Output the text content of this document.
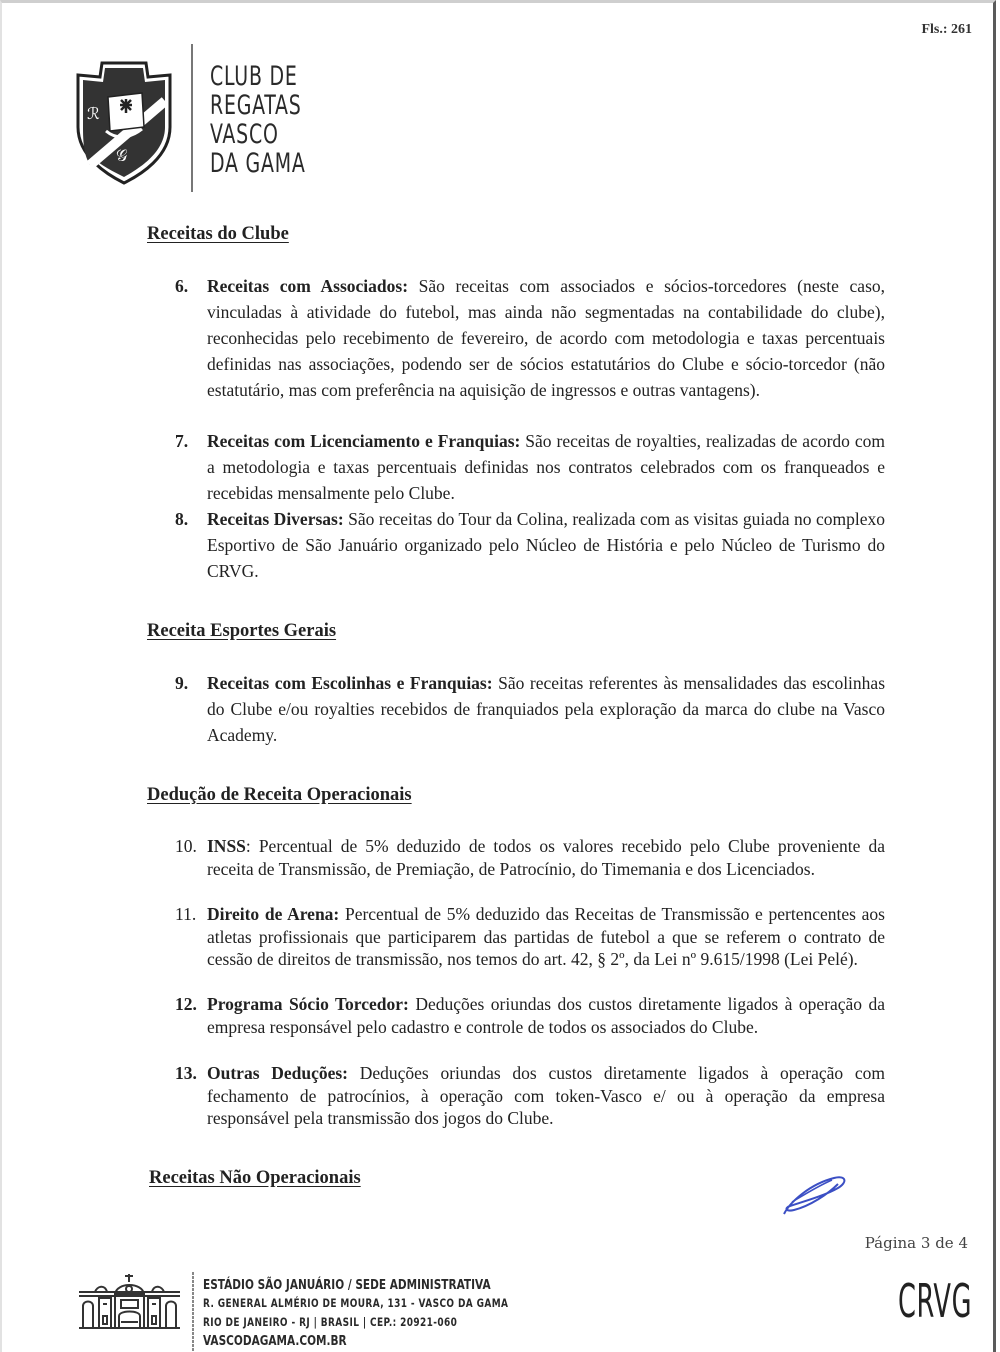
Fls.: 261
ℛ
𝒢
CLUB DE
REGATAS
VASCO
DA GAMA
Receitas do Clube
6. Receitas com Associados: São receitas com associados e sócios-torcedores (neste caso, vinculadas à atividade do futebol, mas ainda não segmentadas na contabilidade do clube), reconhecidas pelo recebimento de fevereiro, de acordo com metodologia e taxas percentuais definidas nas associações, podendo ser de sócios estatutários do Clube e sócio-torcedor (não estatutário, mas com preferência na aquisição de ingressos e outras vantagens).
7. Receitas com Licenciamento e Franquias: São receitas de royalties, realizadas de acordo com a metodologia e taxas percentuais definidas nos contratos celebrados com os franqueados e recebidas mensalmente pelo Clube.
8. Receitas Diversas: São receitas do Tour da Colina, realizada com as visitas guiada no complexo Esportivo de São Januário organizado pelo Núcleo de História e pelo Núcleo de Turismo do CRVG.
Receita Esportes Gerais
9. Receitas com Escolinhas e Franquias: São receitas referentes às mensalidades das escolinhas do Clube e/ou royalties recebidos de franquiados pela exploração da marca do clube na Vasco Academy.
Dedução de Receita Operacionais
10. INSS: Percentual de 5% deduzido de todos os valores recebido pelo Clube proveniente da receita de Transmissão, de Premiação, de Patrocínio, do Timemania e dos Licenciados.
11. Direito de Arena: Percentual de 5% deduzido das Receitas de Transmissão e pertencentes aos atletas profissionais que participarem das partidas de futebol a que se referem o contrato de cessão de direitos de transmissão, nos temos do art. 42, § 2º, da Lei nº 9.615/1998 (Lei Pelé).
12. Programa Sócio Torcedor: Deduções oriundas dos custos diretamente ligados à operação da empresa responsável pelo cadastro e controle de todos os associados do Clube.
13. Outras Deduções: Deduções oriundas dos custos diretamente ligados à operação com fechamento de patrocínios, à operação com token-Vasco e/ ou à operação da empresa responsável pela transmissão dos jogos do Clube.
Receitas Não Operacionais
Página 3 de 4
ESTÁDIO SÃO JANUÁRIO / SEDE ADMINISTRATIVA
R. GENERAL ALMÉRIO DE MOURA, 131 - VASCO DA GAMA
RIO DE JANEIRO - RJ | BRASIL | CEP.: 20921-060
VASCODAGAMA.COM.BR
CRVG
